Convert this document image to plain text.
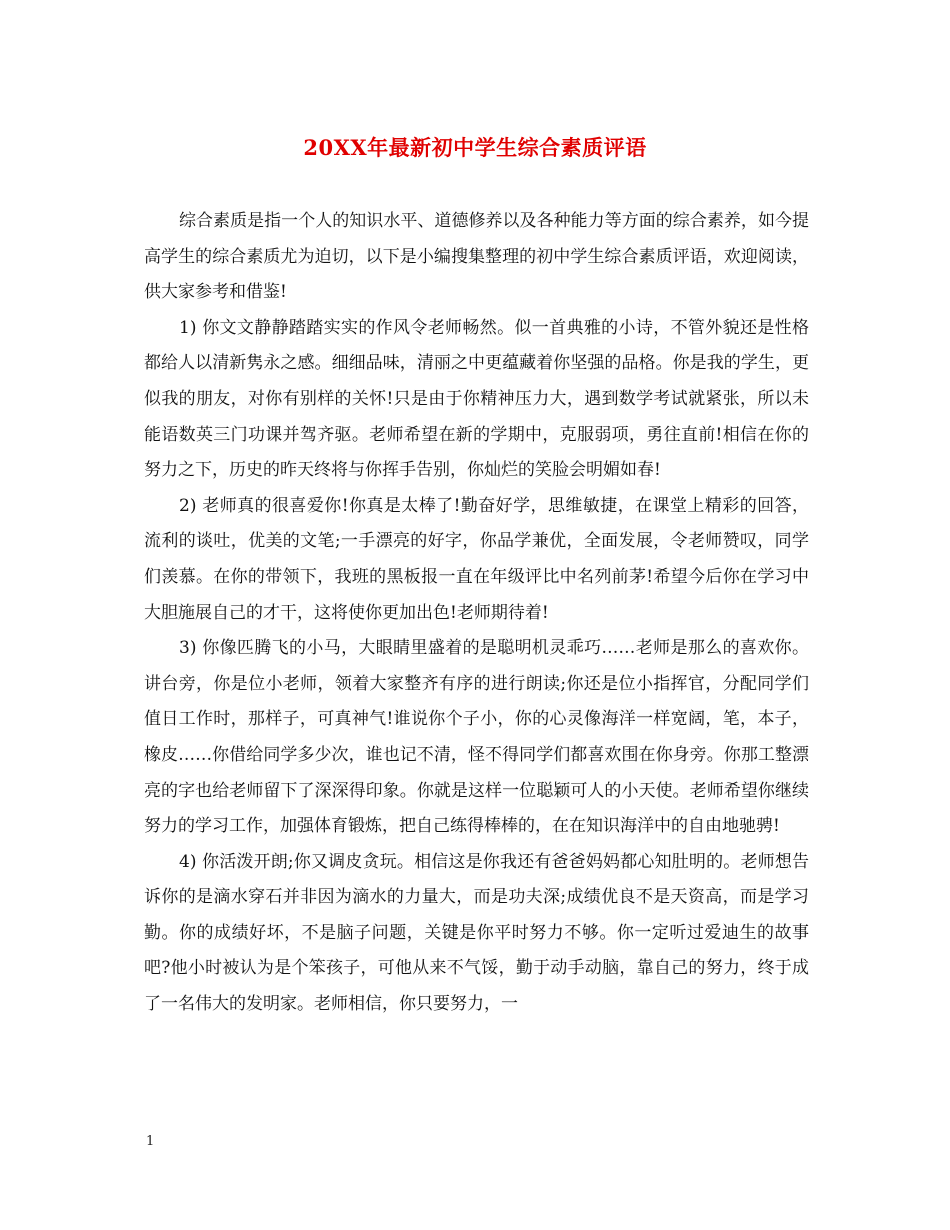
20XX年最新初中学生综合素质评语

综合素质是指一个人的知识水平、道德修养以及各种能力等方面的综合素养，如今提高学生的综合素质尤为迫切，以下是小编搜集整理的初中学生综合素质评语，欢迎阅读，供大家参考和借鉴!

1) 你文文静静踏踏实实的作风令老师畅然。似一首典雅的小诗，不管外貌还是性格都给人以清新隽永之感。细细品味，清丽之中更蕴藏着你坚强的品格。你是我的学生，更似我的朋友，对你有别样的关怀!只是由于你精神压力大，遇到数学考试就紧张，所以未能语数英三门功课并驾齐驱。老师希望在新的学期中，克服弱项，勇往直前!相信在你的努力之下，历史的昨天终将与你挥手告别，你灿烂的笑脸会明媚如春!

2) 老师真的很喜爱你!你真是太棒了!勤奋好学，思维敏捷，在课堂上精彩的回答，流利的谈吐，优美的文笔;一手漂亮的好字，你品学兼优，全面发展，令老师赞叹，同学们羡慕。在你的带领下，我班的黑板报一直在年级评比中名列前茅!希望今后你在学习中大胆施展自己的才干，这将使你更加出色!老师期待着!

3) 你像匹腾飞的小马，大眼睛里盛着的是聪明机灵乖巧……老师是那么的喜欢你。讲台旁，你是位小老师，领着大家整齐有序的进行朗读;你还是位小指挥官，分配同学们值日工作时，那样子，可真神气!谁说你个子小，你的心灵像海洋一样宽阔，笔，本子，橡皮……你借给同学多少次，谁也记不清，怪不得同学们都喜欢围在你身旁。你那工整漂亮的字也给老师留下了深深得印象。你就是这样一位聪颖可人的小天使。老师希望你继续努力的学习工作，加强体育锻炼，把自己练得棒棒的，在在知识海洋中的自由地驰骋!

4) 你活泼开朗;你又调皮贪玩。相信这是你我还有爸爸妈妈都心知肚明的。老师想告诉你的是滴水穿石并非因为滴水的力量大，而是功夫深;成绩优良不是天资高，而是学习勤。你的成绩好坏，不是脑子问题，关键是你平时努力不够。你一定听过爱迪生的故事吧?他小时被认为是个笨孩子，可他从来不气馁，勤于动手动脑，靠自己的努力，终于成了一名伟大的发明家。老师相信，你只要努力，一

1
